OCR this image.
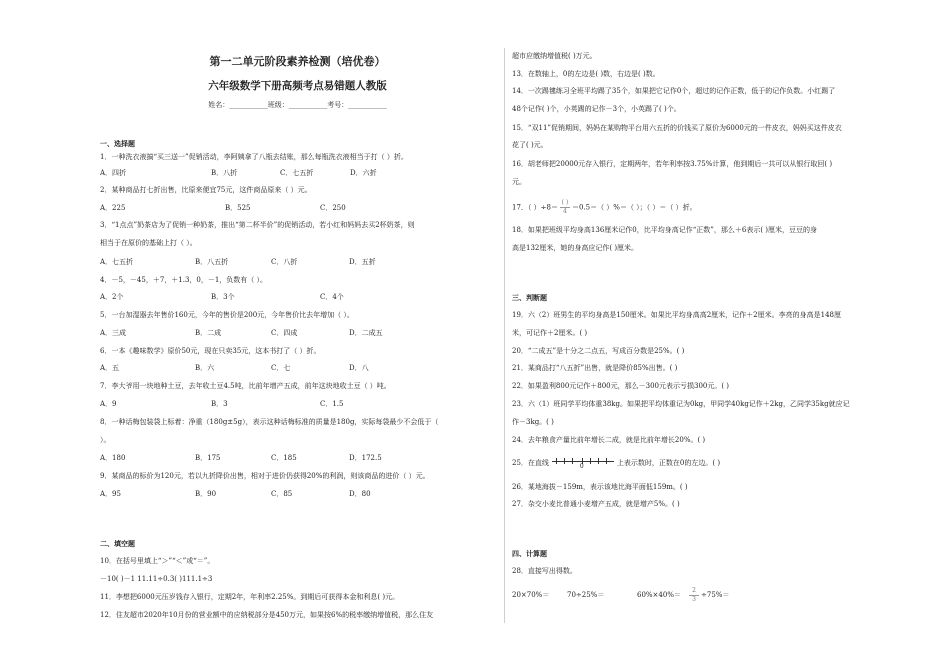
第一二单元阶段素养检测（培优卷）
六年级数学下册高频考点易错题人教版
姓名：___________班级：___________考号：___________
一、选择题
1．一种洗衣液搞“买三送一”促销活动，李阿姨拿了八瓶去结账，那么每瓶洗衣液相当于打（ ）折。
A．四折	B．八折	C．七五折	D．六折
2．某种商品打七折出售，比原来便宜75元，这件商品原来（ ）元。
A．225	B．525	C．250
3．“1点点”奶茶店为了促销一种奶茶，推出“第二杯半价”的促销活动，若小红和妈妈去买2杯奶茶，则
相当于在原价的基础上打（ ）。
A．七五折	B．八五折	C．八折	D．五折
4．－5，－45，＋7，＋1.3，0，－1，负数有（ ）。
A．2个	B．3个	C．4个
5．一台加湿器去年售价160元，今年的售价是200元，今年售价比去年增加（ ）。
A．三成	B．二成	C．四成	D．二成五
6．一本《趣味数学》原价50元，现在只卖35元，这本书打了（ ）折。
A．五	B．六	C．七	D．八
7．李大爷用一块地种土豆，去年收土豆4.5吨，比前年增产五成，前年这块地收土豆（ ）吨。
A．9	B．3	C．1.5
8．一种话梅包装袋上标着：净重（180g±5g），表示这种话梅标准的质量是180g，实际每袋最少不会低于（
）。
A．180	B．175	C．185	D．172.5
9．某商品的标价为120元，若以九折降价出售，相对于进价仍获得20%的利润，则该商品的进价（ ）元。
A．95	B．90	C．85	D．80
二、填空题
10．在括号里填上“＞”“＜”或“＝”。
－10( )－1 11.11÷0.3( )111.1÷3
11．李想把6000元压岁钱存入银行，定期2年，年利率2.25%。到期后可获得本金和利息( )元。
12．住友超市2020年10月份的营业额中的应纳税部分是450万元，如果按6%的税率缴纳增值税，那么住友
超市应缴纳增值税( )万元。
13．在数轴上，0的左边是( )数，右边是( )数。
14．一次踢毽练习全班平均踢了35个，如果把它记作0个，超过的记作正数，低于的记作负数。小红踢了
48个记作( )个，小英踢的记作－3个，小英踢了( )个。
15．“双11”促销期间，妈妈在某购物平台用六五折的价钱买了原价为6000元的一件皮衣，妈妈买这件皮衣
花了( )元。
16．胡老师把20000元存入银行，定期两年，若年利率按3.75%计算，他到期后一共可以从银行取回( )
元。
17．（ ）$\div 8= \frac{( )}{4} =0.5=$（ ）%＝（ ）；（ ）＝（ ）折。
18．如果把班级平均身高136厘米记作0，比平均身高记作“正数”，那么＋6表示( )厘米，豆豆的身
高是132厘米，她的身高应记作( )厘米。
三、判断题
19．六（2）班男生的平均身高是150厘米。如果比平均身高高2厘米，记作＋2厘米。李亮的身高是148厘
米，可记作＋2厘米。( )
20．“二成五”是十分之二点五，写成百分数是25%。( )
21．某商品打“八五折”出售，就是降价85%出售。( )
22．如果盈利800元记作＋800元，那么－300元表示亏损300元。( )
23．六（1）班同学平均体重38kg。如果把平均体重记为0kg，甲同学40kg记作＋2kg，乙同学35kg就应记
作－3kg。( )
24．去年粮食产量比前年增长二成，就是比前年增长20%。( )
25．在直线	0	上表示数时，正数在0的左边。( )
26．某地海拔－159m，表示该地比海平面低159m。( )
27．杂交小麦比普通小麦增产五成，就是增产5%。( )
四、计算题
28．直接写出得数。
20×70%＝	70÷25%＝	$60\%\times 40\%= \frac{2}{3} \div 75\%=$
